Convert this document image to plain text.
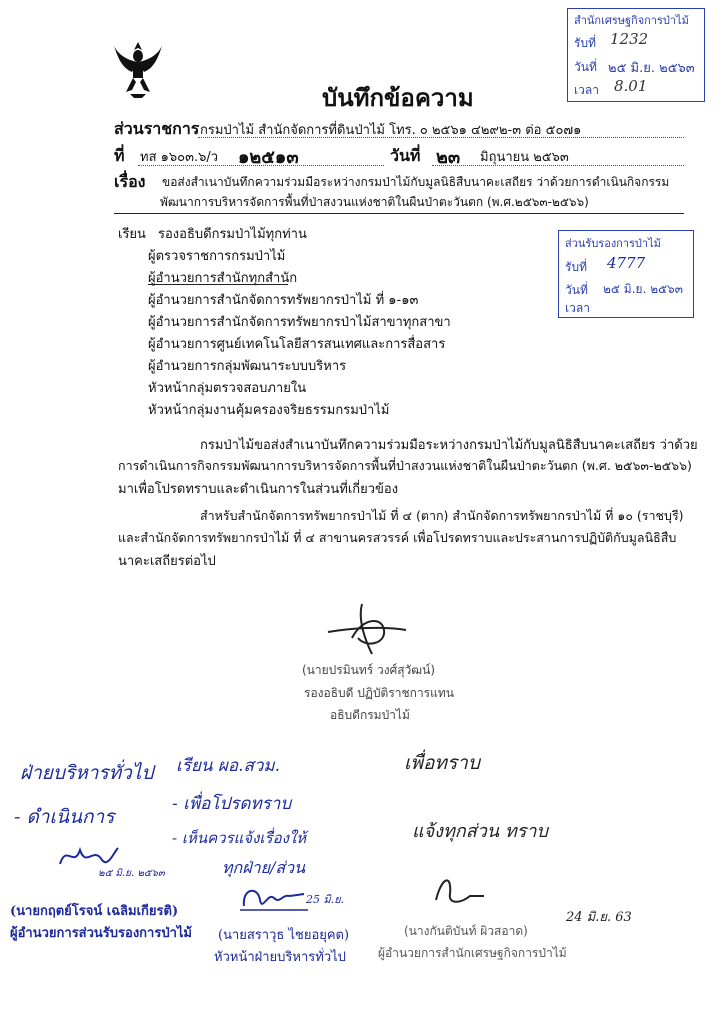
บันทึกข้อความ
สำนักเศรษฐกิจการป่าไม้
รับที่ 1232
วันที่ ๒๕ มิ.ย. ๒๕๖๓
เวลา 8.01
ส่วนราชการ กรมป่าไม้ สำนักจัดการที่ดินป่าไม้ โทร. ๐ ๒๕๖๑ ๔๒๙๒-๓ ต่อ ๕๐๗๑
ที่ ทส ๑๖๐๓.๖/ว ๑๒๕๑๓	วันที่ ๒๓ มิถุนายน ๒๕๖๓
เรื่อง ขอส่งสำเนาบันทึกความร่วมมือระหว่างกรมป่าไม้กับมูลนิธิสืบนาคะเสถียร ว่าด้วยการดำเนินกิจกรรม
พัฒนาการบริหารจัดการพื้นที่ป่าสงวนแห่งชาติในผืนป่าตะวันตก (พ.ศ.๒๕๖๓-๒๕๖๖)
เรียน รองอธิบดีกรมป่าไม้ทุกท่าน
ผู้ตรวจราชการกรมป่าไม้
ผู้อำนวยการสำนักทุกสำนัก
ผู้อำนวยการสำนักจัดการทรัพยากรป่าไม้ ที่ ๑-๑๓
ผู้อำนวยการสำนักจัดการทรัพยากรป่าไม้สาขาทุกสาขา
ผู้อำนวยการศูนย์เทคโนโลยีสารสนเทศและการสื่อสาร
ผู้อำนวยการกลุ่มพัฒนาระบบบริหาร
หัวหน้ากลุ่มตรวจสอบภายใน
หัวหน้ากลุ่มงานคุ้มครองจริยธรรมกรมป่าไม้
ส่วนรับรองการป่าไม้
รับที่ 4777
วันที่ ๒๕ มิ.ย. ๒๕๖๓
เวลา
กรมป่าไม้ขอส่งสำเนาบันทึกความร่วมมือระหว่างกรมป่าไม้กับมูลนิธิสืบนาคะเสถียร ว่าด้วย
การดำเนินการกิจกรรมพัฒนาการบริหารจัดการพื้นที่ป่าสงวนแห่งชาติในผืนป่าตะวันตก (พ.ศ. ๒๕๖๓-๒๕๖๖)
มาเพื่อโปรดทราบและดำเนินการในส่วนที่เกี่ยวข้อง
สำหรับสำนักจัดการทรัพยากรป่าไม้ ที่ ๔ (ตาก) สำนักจัดการทรัพยากรป่าไม้ ที่ ๑๐ (ราชบุรี)
และสำนักจัดการทรัพยากรป่าไม้ ที่ ๔ สาขานครสวรรค์ เพื่อโปรดทราบและประสานการปฏิบัติกับมูลนิธิสืบ
นาคะเสถียรต่อไป
(นายปรมินทร์ วงศ์สุวัฒน์)
รองอธิบดี ปฏิบัติราชการแทน
อธิบดีกรมป่าไม้
ฝ่ายบริหารทั่วไป
- ดำเนินการ
๒๕ มิ.ย. ๒๕๖๓
เรียน ผอ.สวม.
- เพื่อโปรดทราบ
- เห็นควรแจ้งเรื่องให้
ทุกฝ่าย/ส่วน
เพื่อทราบ
แจ้งทุกส่วน ทราบ
24 มิ.ย. 63
25 มิ.ย.
(นายกฤตย์โรจน์ เฉลิมเกียรติ)
ผู้อำนวยการส่วนรับรองการป่าไม้ (นายสราวุธ ไชยอยุคต)
หัวหน้าฝ่ายบริหารทั่วไป
(นางกันติบันท์ ผิวสอาด)
ผู้อำนวยการสำนักเศรษฐกิจการป่าไม้
